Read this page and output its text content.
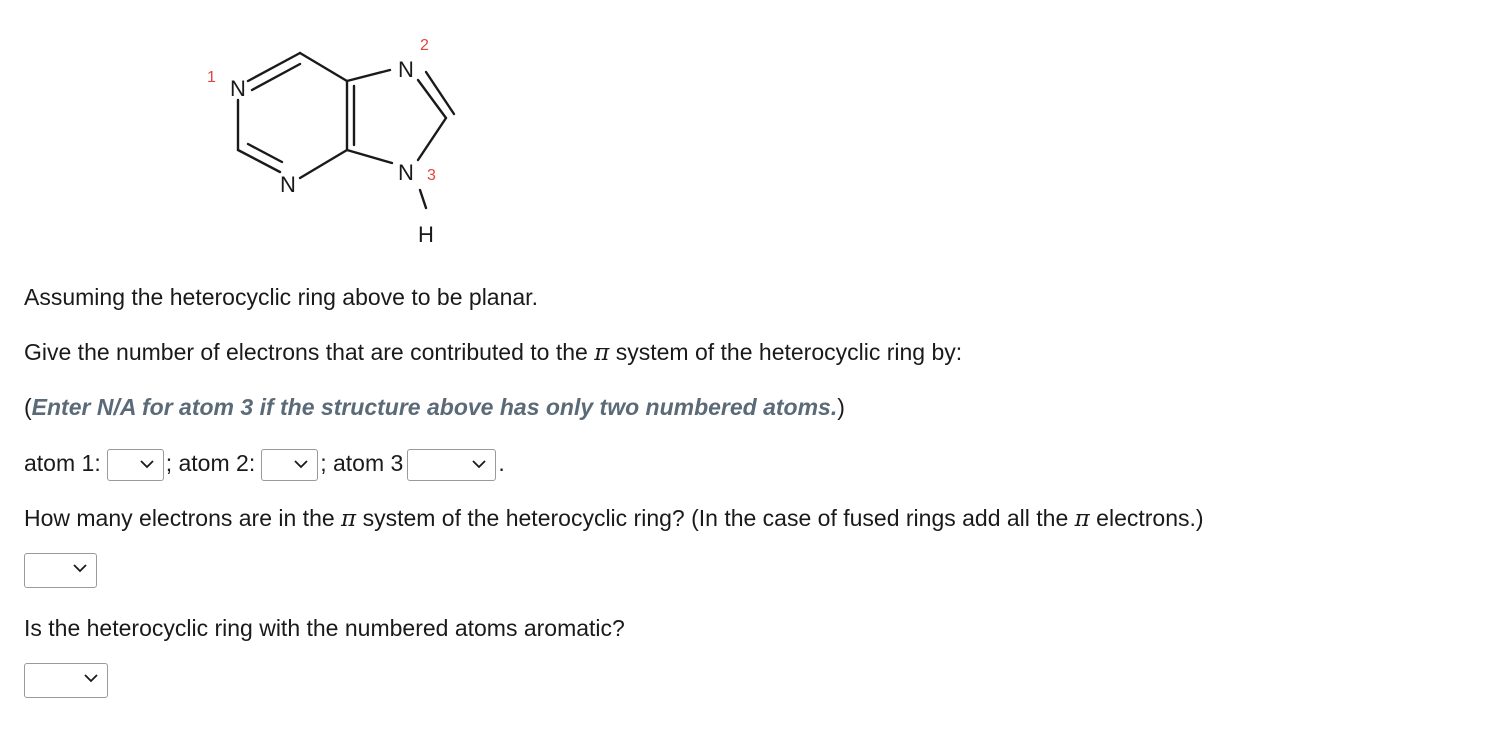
N
1	N
2
N 3
N
H
Assuming the heterocyclic ring above to be planar.
Give the number of electrons that are contributed to the π system of the heterocyclic ring by:
(Enter N/A for atom 3 if the structure above has only two numbered atoms.)
atom 1:	; atom 2:	; atom 3	.
How many electrons are in the π system of the heterocyclic ring? (In the case of fused rings add all the π electrons.)
Is the heterocyclic ring with the numbered atoms aromatic?
